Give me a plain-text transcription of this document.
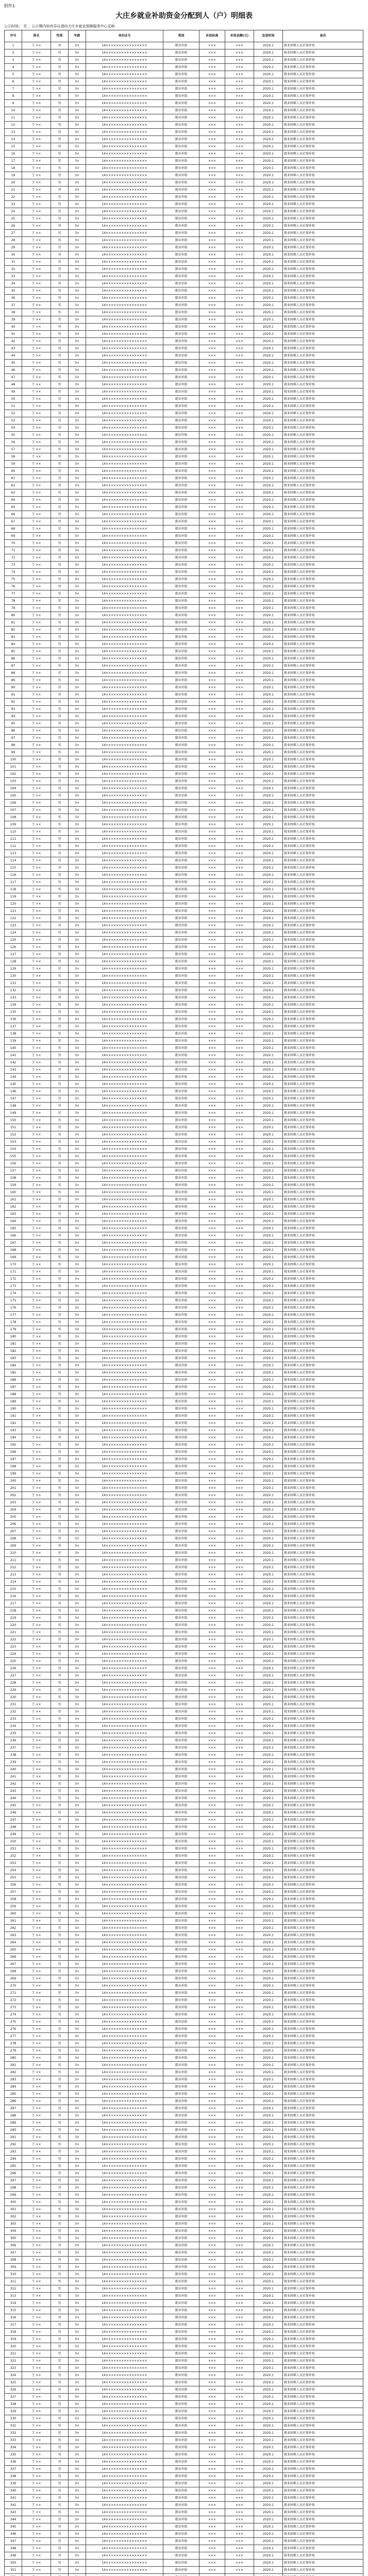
附件1
大庄乡就业补助资金分配到人（户）明细表
公示时间： 至 ，公示期内如有异议请向大庄乡就业保障服务中心反映
序号	姓名	性别	年龄	身份证号	类别	补助标准	补助金额(元)	发放时间	备注
1	王 ××	男	3×	14××××××××××××××××	就业补助	×××	×××	2020.1	就业困难人员社保补贴
2	王 ××	男	3×	14××××××××××××××××	就业补助	×××	×××	2020.1	就业困难人员社保补贴
3	王 ××	男	3×	14××××××××××××××××	就业补助	×××	×××	2020.1	就业困难人员社保补贴
4	王 ××	男	3×	14××××××××××××××××	就业补助	×××	×××	2020.1	就业困难人员社保补贴
5	王 ××	男	3×	14××××××××××××××××	就业补助	×××	×××	2020.1	就业困难人员社保补贴
6	王 ××	男	3×	14××××××××××××××××	就业补助	×××	×××	2020.1	就业困难人员社保补贴
7	王 ××	男	3×	14××××××××××××××××	就业补助	×××	×××	2020.1	就业困难人员社保补贴
8	王 ××	男	3×	14××××××××××××××××	就业补助	×××	×××	2020.1	就业困难人员社保补贴
9	王 ××	男	3×	14××××××××××××××××	就业补助	×××	×××	2020.1	就业困难人员社保补贴
10	王 ××	男	3×	14××××××××××××××××	就业补助	×××	×××	2020.1	就业困难人员社保补贴
11	王 ××	男	3×	14××××××××××××××××	就业补助	×××	×××	2020.1	就业困难人员社保补贴
12	王 ××	男	3×	14××××××××××××××××	就业补助	×××	×××	2020.1	就业困难人员社保补贴
13	王 ××	男	3×	14××××××××××××××××	就业补助	×××	×××	2020.1	就业困难人员社保补贴
14	王 ××	男	3×	14××××××××××××××××	就业补助	×××	×××	2020.1	就业困难人员社保补贴
15	王 ××	男	3×	14××××××××××××××××	就业补助	×××	×××	2020.1	就业困难人员社保补贴
16	王 ××	男	3×	14××××××××××××××××	就业补助	×××	×××	2020.1	就业困难人员社保补贴
17	王 ××	男	3×	14××××××××××××××××	就业补助	×××	×××	2020.1	就业困难人员社保补贴
18	王 ××	男	3×	14××××××××××××××××	就业补助	×××	×××	2020.1	就业困难人员社保补贴
19	王 ××	男	3×	14××××××××××××××××	就业补助	×××	×××	2020.1	就业困难人员社保补贴
20	王 ××	男	3×	14××××××××××××××××	就业补助	×××	×××	2020.1	就业困难人员社保补贴
21	王 ××	男	3×	14××××××××××××××××	就业补助	×××	×××	2020.1	就业困难人员社保补贴
22	王 ××	男	3×	14××××××××××××××××	就业补助	×××	×××	2020.1	就业困难人员社保补贴
23	王 ××	男	3×	14××××××××××××××××	就业补助	×××	×××	2020.1	就业困难人员社保补贴
24	王 ××	男	3×	14××××××××××××××××	就业补助	×××	×××	2020.1	就业困难人员社保补贴
25	王 ××	男	3×	14××××××××××××××××	就业补助	×××	×××	2020.1	就业困难人员社保补贴
26	王 ××	男	3×	14××××××××××××××××	就业补助	×××	×××	2020.1	就业困难人员社保补贴
27	王 ××	男	3×	14××××××××××××××××	就业补助	×××	×××	2020.1	就业困难人员社保补贴
28	王 ××	男	3×	14××××××××××××××××	就业补助	×××	×××	2020.1	就业困难人员社保补贴
29	王 ××	男	3×	14××××××××××××××××	就业补助	×××	×××	2020.1	就业困难人员社保补贴
30	王 ××	男	3×	14××××××××××××××××	就业补助	×××	×××	2020.1	就业困难人员社保补贴
31	王 ××	男	3×	14××××××××××××××××	就业补助	×××	×××	2020.1	就业困难人员社保补贴
32	王 ××	男	3×	14××××××××××××××××	就业补助	×××	×××	2020.1	就业困难人员社保补贴
33	王 ××	男	3×	14××××××××××××××××	就业补助	×××	×××	2020.1	就业困难人员社保补贴
34	王 ××	男	3×	14××××××××××××××××	就业补助	×××	×××	2020.1	就业困难人员社保补贴
35	王 ××	男	3×	14××××××××××××××××	就业补助	×××	×××	2020.1	就业困难人员社保补贴
36	王 ××	男	3×	14××××××××××××××××	就业补助	×××	×××	2020.1	就业困难人员社保补贴
37	王 ××	男	3×	14××××××××××××××××	就业补助	×××	×××	2020.1	就业困难人员社保补贴
38	王 ××	男	3×	14××××××××××××××××	就业补助	×××	×××	2020.1	就业困难人员社保补贴
39	王 ××	男	3×	14××××××××××××××××	就业补助	×××	×××	2020.1	就业困难人员社保补贴
40	王 ××	男	3×	14××××××××××××××××	就业补助	×××	×××	2020.1	就业困难人员社保补贴
41	王 ××	男	3×	14××××××××××××××××	就业补助	×××	×××	2020.1	就业困难人员社保补贴
42	王 ××	男	3×	14××××××××××××××××	就业补助	×××	×××	2020.1	就业困难人员社保补贴
43	王 ××	男	3×	14××××××××××××××××	就业补助	×××	×××	2020.1	就业困难人员社保补贴
44	王 ××	男	3×	14××××××××××××××××	就业补助	×××	×××	2020.1	就业困难人员社保补贴
45	王 ××	男	3×	14××××××××××××××××	就业补助	×××	×××	2020.1	就业困难人员社保补贴
46	王 ××	男	3×	14××××××××××××××××	就业补助	×××	×××	2020.1	就业困难人员社保补贴
47	王 ××	男	3×	14××××××××××××××××	就业补助	×××	×××	2020.1	就业困难人员社保补贴
48	王 ××	男	3×	14××××××××××××××××	就业补助	×××	×××	2020.1	就业困难人员社保补贴
49	王 ××	男	3×	14××××××××××××××××	就业补助	×××	×××	2020.1	就业困难人员社保补贴
50	王 ××	男	3×	14××××××××××××××××	就业补助	×××	×××	2020.1	就业困难人员社保补贴
51	王 ××	男	3×	14××××××××××××××××	就业补助	×××	×××	2020.1	就业困难人员社保补贴
52	王 ××	男	3×	14××××××××××××××××	就业补助	×××	×××	2020.1	就业困难人员社保补贴
53	王 ××	男	3×	14××××××××××××××××	就业补助	×××	×××	2020.1	就业困难人员社保补贴
54	王 ××	男	3×	14××××××××××××××××	就业补助	×××	×××	2020.1	就业困难人员社保补贴
55	王 ××	男	3×	14××××××××××××××××	就业补助	×××	×××	2020.1	就业困难人员社保补贴
56	王 ××	男	3×	14××××××××××××××××	就业补助	×××	×××	2020.1	就业困难人员社保补贴
57	王 ××	男	3×	14××××××××××××××××	就业补助	×××	×××	2020.1	就业困难人员社保补贴
58	王 ××	男	3×	14××××××××××××××××	就业补助	×××	×××	2020.1	就业困难人员社保补贴
59	王 ××	男	3×	14××××××××××××××××	就业补助	×××	×××	2020.1	就业困难人员社保补贴
60	王 ××	男	3×	14××××××××××××××××	就业补助	×××	×××	2020.1	就业困难人员社保补贴
61	王 ××	男	3×	14××××××××××××××××	就业补助	×××	×××	2020.1	就业困难人员社保补贴
62	王 ××	男	3×	14××××××××××××××××	就业补助	×××	×××	2020.1	就业困难人员社保补贴
63	王 ××	男	3×	14××××××××××××××××	就业补助	×××	×××	2020.1	就业困难人员社保补贴
64	王 ××	男	3×	14××××××××××××××××	就业补助	×××	×××	2020.1	就业困难人员社保补贴
65	王 ××	男	3×	14××××××××××××××××	就业补助	×××	×××	2020.1	就业困难人员社保补贴
66	王 ××	男	3×	14××××××××××××××××	就业补助	×××	×××	2020.1	就业困难人员社保补贴
67	王 ××	男	3×	14××××××××××××××××	就业补助	×××	×××	2020.1	就业困难人员社保补贴
68	王 ××	男	3×	14××××××××××××××××	就业补助	×××	×××	2020.1	就业困难人员社保补贴
69	王 ××	男	3×	14××××××××××××××××	就业补助	×××	×××	2020.1	就业困难人员社保补贴
70	王 ××	男	3×	14××××××××××××××××	就业补助	×××	×××	2020.1	就业困难人员社保补贴
71	王 ××	男	3×	14××××××××××××××××	就业补助	×××	×××	2020.1	就业困难人员社保补贴
72	王 ××	男	3×	14××××××××××××××××	就业补助	×××	×××	2020.1	就业困难人员社保补贴
73	王 ××	男	3×	14××××××××××××××××	就业补助	×××	×××	2020.1	就业困难人员社保补贴
74	王 ××	男	3×	14××××××××××××××××	就业补助	×××	×××	2020.1	就业困难人员社保补贴
75	王 ××	男	3×	14××××××××××××××××	就业补助	×××	×××	2020.1	就业困难人员社保补贴
76	王 ××	男	3×	14××××××××××××××××	就业补助	×××	×××	2020.1	就业困难人员社保补贴
77	王 ××	男	3×	14××××××××××××××××	就业补助	×××	×××	2020.1	就业困难人员社保补贴
78	王 ××	男	3×	14××××××××××××××××	就业补助	×××	×××	2020.1	就业困难人员社保补贴
79	王 ××	男	3×	14××××××××××××××××	就业补助	×××	×××	2020.1	就业困难人员社保补贴
80	王 ××	男	3×	14××××××××××××××××	就业补助	×××	×××	2020.1	就业困难人员社保补贴
81	王 ××	男	3×	14××××××××××××××××	就业补助	×××	×××	2020.1	就业困难人员社保补贴
82	王 ××	男	3×	14××××××××××××××××	就业补助	×××	×××	2020.1	就业困难人员社保补贴
83	王 ××	男	3×	14××××××××××××××××	就业补助	×××	×××	2020.1	就业困难人员社保补贴
84	王 ××	男	3×	14××××××××××××××××	就业补助	×××	×××	2020.1	就业困难人员社保补贴
85	王 ××	男	3×	14××××××××××××××××	就业补助	×××	×××	2020.1	就业困难人员社保补贴
86	王 ××	男	3×	14××××××××××××××××	就业补助	×××	×××	2020.1	就业困难人员社保补贴
87	王 ××	男	3×	14××××××××××××××××	就业补助	×××	×××	2020.1	就业困难人员社保补贴
88	王 ××	男	3×	14××××××××××××××××	就业补助	×××	×××	2020.1	就业困难人员社保补贴
89	王 ××	男	3×	14××××××××××××××××	就业补助	×××	×××	2020.1	就业困难人员社保补贴
90	王 ××	男	3×	14××××××××××××××××	就业补助	×××	×××	2020.1	就业困难人员社保补贴
91	王 ××	男	3×	14××××××××××××××××	就业补助	×××	×××	2020.1	就业困难人员社保补贴
92	王 ××	男	3×	14××××××××××××××××	就业补助	×××	×××	2020.1	就业困难人员社保补贴
93	王 ××	男	3×	14××××××××××××××××	就业补助	×××	×××	2020.1	就业困难人员社保补贴
94	王 ××	男	3×	14××××××××××××××××	就业补助	×××	×××	2020.1	就业困难人员社保补贴
95	王 ××	男	3×	14××××××××××××××××	就业补助	×××	×××	2020.1	就业困难人员社保补贴
96	王 ××	男	3×	14××××××××××××××××	就业补助	×××	×××	2020.1	就业困难人员社保补贴
97	王 ××	男	3×	14××××××××××××××××	就业补助	×××	×××	2020.1	就业困难人员社保补贴
98	王 ××	男	3×	14××××××××××××××××	就业补助	×××	×××	2020.1	就业困难人员社保补贴
99	王 ××	男	3×	14××××××××××××××××	就业补助	×××	×××	2020.1	就业困难人员社保补贴
100	王 ××	男	3×	14××××××××××××××××	就业补助	×××	×××	2020.1	就业困难人员社保补贴
101	王 ××	男	3×	14××××××××××××××××	就业补助	×××	×××	2020.1	就业困难人员社保补贴
102	王 ××	男	3×	14××××××××××××××××	就业补助	×××	×××	2020.1	就业困难人员社保补贴
103	王 ××	男	3×	14××××××××××××××××	就业补助	×××	×××	2020.1	就业困难人员社保补贴
104	王 ××	男	3×	14××××××××××××××××	就业补助	×××	×××	2020.1	就业困难人员社保补贴
105	王 ××	男	3×	14××××××××××××××××	就业补助	×××	×××	2020.1	就业困难人员社保补贴
106	王 ××	男	3×	14××××××××××××××××	就业补助	×××	×××	2020.1	就业困难人员社保补贴
107	王 ××	男	3×	14××××××××××××××××	就业补助	×××	×××	2020.1	就业困难人员社保补贴
108	王 ××	男	3×	14××××××××××××××××	就业补助	×××	×××	2020.1	就业困难人员社保补贴
109	王 ××	男	3×	14××××××××××××××××	就业补助	×××	×××	2020.1	就业困难人员社保补贴
110	王 ××	男	3×	14××××××××××××××××	就业补助	×××	×××	2020.1	就业困难人员社保补贴
111	王 ××	男	3×	14××××××××××××××××	就业补助	×××	×××	2020.1	就业困难人员社保补贴
112	王 ××	男	3×	14××××××××××××××××	就业补助	×××	×××	2020.1	就业困难人员社保补贴
113	王 ××	男	3×	14××××××××××××××××	就业补助	×××	×××	2020.1	就业困难人员社保补贴
114	王 ××	男	3×	14××××××××××××××××	就业补助	×××	×××	2020.1	就业困难人员社保补贴
115	王 ××	男	3×	14××××××××××××××××	就业补助	×××	×××	2020.1	就业困难人员社保补贴
116	王 ××	男	3×	14××××××××××××××××	就业补助	×××	×××	2020.1	就业困难人员社保补贴
117	王 ××	男	3×	14××××××××××××××××	就业补助	×××	×××	2020.1	就业困难人员社保补贴
118	王 ××	男	3×	14××××××××××××××××	就业补助	×××	×××	2020.1	就业困难人员社保补贴
119	王 ××	男	3×	14××××××××××××××××	就业补助	×××	×××	2020.1	就业困难人员社保补贴
120	王 ××	男	3×	14××××××××××××××××	就业补助	×××	×××	2020.1	就业困难人员社保补贴
121	王 ××	男	3×	14××××××××××××××××	就业补助	×××	×××	2020.1	就业困难人员社保补贴
122	王 ××	男	3×	14××××××××××××××××	就业补助	×××	×××	2020.1	就业困难人员社保补贴
123	王 ××	男	3×	14××××××××××××××××	就业补助	×××	×××	2020.1	就业困难人员社保补贴
124	王 ××	男	3×	14××××××××××××××××	就业补助	×××	×××	2020.1	就业困难人员社保补贴
125	王 ××	男	3×	14××××××××××××××××	就业补助	×××	×××	2020.1	就业困难人员社保补贴
126	王 ××	男	3×	14××××××××××××××××	就业补助	×××	×××	2020.1	就业困难人员社保补贴
127	王 ××	男	3×	14××××××××××××××××	就业补助	×××	×××	2020.1	就业困难人员社保补贴
128	王 ××	男	3×	14××××××××××××××××	就业补助	×××	×××	2020.1	就业困难人员社保补贴
129	王 ××	男	3×	14××××××××××××××××	就业补助	×××	×××	2020.1	就业困难人员社保补贴
130	王 ××	男	3×	14××××××××××××××××	就业补助	×××	×××	2020.1	就业困难人员社保补贴
131	王 ××	男	3×	14××××××××××××××××	就业补助	×××	×××	2020.1	就业困难人员社保补贴
132	王 ××	男	3×	14××××××××××××××××	就业补助	×××	×××	2020.1	就业困难人员社保补贴
133	王 ××	男	3×	14××××××××××××××××	就业补助	×××	×××	2020.1	就业困难人员社保补贴
134	王 ××	男	3×	14××××××××××××××××	就业补助	×××	×××	2020.1	就业困难人员社保补贴
135	王 ××	男	3×	14××××××××××××××××	就业补助	×××	×××	2020.1	就业困难人员社保补贴
136	王 ××	男	3×	14××××××××××××××××	就业补助	×××	×××	2020.1	就业困难人员社保补贴
137	王 ××	男	3×	14××××××××××××××××	就业补助	×××	×××	2020.1	就业困难人员社保补贴
138	王 ××	男	3×	14××××××××××××××××	就业补助	×××	×××	2020.1	就业困难人员社保补贴
139	王 ××	男	3×	14××××××××××××××××	就业补助	×××	×××	2020.1	就业困难人员社保补贴
140	王 ××	男	3×	14××××××××××××××××	就业补助	×××	×××	2020.1	就业困难人员社保补贴
141	王 ××	男	3×	14××××××××××××××××	就业补助	×××	×××	2020.1	就业困难人员社保补贴
142	王 ××	男	3×	14××××××××××××××××	就业补助	×××	×××	2020.1	就业困难人员社保补贴
143	王 ××	男	3×	14××××××××××××××××	就业补助	×××	×××	2020.1	就业困难人员社保补贴
144	王 ××	男	3×	14××××××××××××××××	就业补助	×××	×××	2020.1	就业困难人员社保补贴
145	王 ××	男	3×	14××××××××××××××××	就业补助	×××	×××	2020.1	就业困难人员社保补贴
146	王 ××	男	3×	14××××××××××××××××	就业补助	×××	×××	2020.1	就业困难人员社保补贴
147	王 ××	男	3×	14××××××××××××××××	就业补助	×××	×××	2020.1	就业困难人员社保补贴
148	王 ××	男	3×	14××××××××××××××××	就业补助	×××	×××	2020.1	就业困难人员社保补贴
149	王 ××	男	3×	14××××××××××××××××	就业补助	×××	×××	2020.1	就业困难人员社保补贴
150	王 ××	男	3×	14××××××××××××××××	就业补助	×××	×××	2020.1	就业困难人员社保补贴
151	王 ××	男	3×	14××××××××××××××××	就业补助	×××	×××	2020.1	就业困难人员社保补贴
152	王 ××	男	3×	14××××××××××××××××	就业补助	×××	×××	2020.1	就业困难人员社保补贴
153	王 ××	男	3×	14××××××××××××××××	就业补助	×××	×××	2020.1	就业困难人员社保补贴
154	王 ××	男	3×	14××××××××××××××××	就业补助	×××	×××	2020.1	就业困难人员社保补贴
155	王 ××	男	3×	14××××××××××××××××	就业补助	×××	×××	2020.1	就业困难人员社保补贴
156	王 ××	男	3×	14××××××××××××××××	就业补助	×××	×××	2020.1	就业困难人员社保补贴
157	王 ××	男	3×	14××××××××××××××××	就业补助	×××	×××	2020.1	就业困难人员社保补贴
158	王 ××	男	3×	14××××××××××××××××	就业补助	×××	×××	2020.1	就业困难人员社保补贴
159	王 ××	男	3×	14××××××××××××××××	就业补助	×××	×××	2020.1	就业困难人员社保补贴
160	王 ××	男	3×	14××××××××××××××××	就业补助	×××	×××	2020.1	就业困难人员社保补贴
161	王 ××	男	3×	14××××××××××××××××	就业补助	×××	×××	2020.1	就业困难人员社保补贴
162	王 ××	男	3×	14××××××××××××××××	就业补助	×××	×××	2020.1	就业困难人员社保补贴
163	王 ××	男	3×	14××××××××××××××××	就业补助	×××	×××	2020.1	就业困难人员社保补贴
164	王 ××	男	3×	14××××××××××××××××	就业补助	×××	×××	2020.1	就业困难人员社保补贴
165	王 ××	男	3×	14××××××××××××××××	就业补助	×××	×××	2020.1	就业困难人员社保补贴
166	王 ××	男	3×	14××××××××××××××××	就业补助	×××	×××	2020.1	就业困难人员社保补贴
167	王 ××	男	3×	14××××××××××××××××	就业补助	×××	×××	2020.1	就业困难人员社保补贴
168	王 ××	男	3×	14××××××××××××××××	就业补助	×××	×××	2020.1	就业困难人员社保补贴
169	王 ××	男	3×	14××××××××××××××××	就业补助	×××	×××	2020.1	就业困难人员社保补贴
170	王 ××	男	3×	14××××××××××××××××	就业补助	×××	×××	2020.1	就业困难人员社保补贴
171	王 ××	男	3×	14××××××××××××××××	就业补助	×××	×××	2020.1	就业困难人员社保补贴
172	王 ××	男	3×	14××××××××××××××××	就业补助	×××	×××	2020.1	就业困难人员社保补贴
173	王 ××	男	3×	14××××××××××××××××	就业补助	×××	×××	2020.1	就业困难人员社保补贴
174	王 ××	男	3×	14××××××××××××××××	就业补助	×××	×××	2020.1	就业困难人员社保补贴
175	王 ××	男	3×	14××××××××××××××××	就业补助	×××	×××	2020.1	就业困难人员社保补贴
176	王 ××	男	3×	14××××××××××××××××	就业补助	×××	×××	2020.1	就业困难人员社保补贴
177	王 ××	男	3×	14××××××××××××××××	就业补助	×××	×××	2020.1	就业困难人员社保补贴
178	王 ××	男	3×	14××××××××××××××××	就业补助	×××	×××	2020.1	就业困难人员社保补贴
179	王 ××	男	3×	14××××××××××××××××	就业补助	×××	×××	2020.1	就业困难人员社保补贴
180	王 ××	男	3×	14××××××××××××××××	就业补助	×××	×××	2020.1	就业困难人员社保补贴
181	王 ××	男	3×	14××××××××××××××××	就业补助	×××	×××	2020.1	就业困难人员社保补贴
182	王 ××	男	3×	14××××××××××××××××	就业补助	×××	×××	2020.1	就业困难人员社保补贴
183	王 ××	男	3×	14××××××××××××××××	就业补助	×××	×××	2020.1	就业困难人员社保补贴
184	王 ××	男	3×	14××××××××××××××××	就业补助	×××	×××	2020.1	就业困难人员社保补贴
185	王 ××	男	3×	14××××××××××××××××	就业补助	×××	×××	2020.1	就业困难人员社保补贴
186	王 ××	男	3×	14××××××××××××××××	就业补助	×××	×××	2020.1	就业困难人员社保补贴
187	王 ××	男	3×	14××××××××××××××××	就业补助	×××	×××	2020.1	就业困难人员社保补贴
188	王 ××	男	3×	14××××××××××××××××	就业补助	×××	×××	2020.1	就业困难人员社保补贴
189	王 ××	男	3×	14××××××××××××××××	就业补助	×××	×××	2020.1	就业困难人员社保补贴
190	王 ××	男	3×	14××××××××××××××××	就业补助	×××	×××	2020.1	就业困难人员社保补贴
191	王 ××	男	3×	14××××××××××××××××	就业补助	×××	×××	2020.1	就业困难人员社保补贴
192	王 ××	男	3×	14××××××××××××××××	就业补助	×××	×××	2020.1	就业困难人员社保补贴
193	王 ××	男	3×	14××××××××××××××××	就业补助	×××	×××	2020.1	就业困难人员社保补贴
194	王 ××	男	3×	14××××××××××××××××	就业补助	×××	×××	2020.1	就业困难人员社保补贴
195	王 ××	男	3×	14××××××××××××××××	就业补助	×××	×××	2020.1	就业困难人员社保补贴
196	王 ××	男	3×	14××××××××××××××××	就业补助	×××	×××	2020.1	就业困难人员社保补贴
197	王 ××	男	3×	14××××××××××××××××	就业补助	×××	×××	2020.1	就业困难人员社保补贴
198	王 ××	男	3×	14××××××××××××××××	就业补助	×××	×××	2020.1	就业困难人员社保补贴
199	王 ××	男	3×	14××××××××××××××××	就业补助	×××	×××	2020.1	就业困难人员社保补贴
200	王 ××	男	3×	14××××××××××××××××	就业补助	×××	×××	2020.1	就业困难人员社保补贴
201	王 ××	男	3×	14××××××××××××××××	就业补助	×××	×××	2020.1	就业困难人员社保补贴
202	王 ××	男	3×	14××××××××××××××××	就业补助	×××	×××	2020.1	就业困难人员社保补贴
203	王 ××	男	3×	14××××××××××××××××	就业补助	×××	×××	2020.1	就业困难人员社保补贴
204	王 ××	男	3×	14××××××××××××××××	就业补助	×××	×××	2020.1	就业困难人员社保补贴
205	王 ××	男	3×	14××××××××××××××××	就业补助	×××	×××	2020.1	就业困难人员社保补贴
206	王 ××	男	3×	14××××××××××××××××	就业补助	×××	×××	2020.1	就业困难人员社保补贴
207	王 ××	男	3×	14××××××××××××××××	就业补助	×××	×××	2020.1	就业困难人员社保补贴
208	王 ××	男	3×	14××××××××××××××××	就业补助	×××	×××	2020.1	就业困难人员社保补贴
209	王 ××	男	3×	14××××××××××××××××	就业补助	×××	×××	2020.1	就业困难人员社保补贴
210	王 ××	男	3×	14××××××××××××××××	就业补助	×××	×××	2020.1	就业困难人员社保补贴
211	王 ××	男	3×	14××××××××××××××××	就业补助	×××	×××	2020.1	就业困难人员社保补贴
212	王 ××	男	3×	14××××××××××××××××	就业补助	×××	×××	2020.1	就业困难人员社保补贴
213	王 ××	男	3×	14××××××××××××××××	就业补助	×××	×××	2020.1	就业困难人员社保补贴
214	王 ××	男	3×	14××××××××××××××××	就业补助	×××	×××	2020.1	就业困难人员社保补贴
215	王 ××	男	3×	14××××××××××××××××	就业补助	×××	×××	2020.1	就业困难人员社保补贴
216	王 ××	男	3×	14××××××××××××××××	就业补助	×××	×××	2020.1	就业困难人员社保补贴
217	王 ××	男	3×	14××××××××××××××××	就业补助	×××	×××	2020.1	就业困难人员社保补贴
218	王 ××	男	3×	14××××××××××××××××	就业补助	×××	×××	2020.1	就业困难人员社保补贴
219	王 ××	男	3×	14××××××××××××××××	就业补助	×××	×××	2020.1	就业困难人员社保补贴
220	王 ××	男	3×	14××××××××××××××××	就业补助	×××	×××	2020.1	就业困难人员社保补贴
221	王 ××	男	3×	14××××××××××××××××	就业补助	×××	×××	2020.1	就业困难人员社保补贴
222	王 ××	男	3×	14××××××××××××××××	就业补助	×××	×××	2020.1	就业困难人员社保补贴
223	王 ××	男	3×	14××××××××××××××××	就业补助	×××	×××	2020.1	就业困难人员社保补贴
224	王 ××	男	3×	14××××××××××××××××	就业补助	×××	×××	2020.1	就业困难人员社保补贴
225	王 ××	男	3×	14××××××××××××××××	就业补助	×××	×××	2020.1	就业困难人员社保补贴
226	王 ××	男	3×	14××××××××××××××××	就业补助	×××	×××	2020.1	就业困难人员社保补贴
227	王 ××	男	3×	14××××××××××××××××	就业补助	×××	×××	2020.1	就业困难人员社保补贴
228	王 ××	男	3×	14××××××××××××××××	就业补助	×××	×××	2020.1	就业困难人员社保补贴
229	王 ××	男	3×	14××××××××××××××××	就业补助	×××	×××	2020.1	就业困难人员社保补贴
230	王 ××	男	3×	14××××××××××××××××	就业补助	×××	×××	2020.1	就业困难人员社保补贴
231	王 ××	男	3×	14××××××××××××××××	就业补助	×××	×××	2020.1	就业困难人员社保补贴
232	王 ××	男	3×	14××××××××××××××××	就业补助	×××	×××	2020.1	就业困难人员社保补贴
233	王 ××	男	3×	14××××××××××××××××	就业补助	×××	×××	2020.1	就业困难人员社保补贴
234	王 ××	男	3×	14××××××××××××××××	就业补助	×××	×××	2020.1	就业困难人员社保补贴
235	王 ××	男	3×	14××××××××××××××××	就业补助	×××	×××	2020.1	就业困难人员社保补贴
236	王 ××	男	3×	14××××××××××××××××	就业补助	×××	×××	2020.1	就业困难人员社保补贴
237	王 ××	男	3×	14××××××××××××××××	就业补助	×××	×××	2020.1	就业困难人员社保补贴
238	王 ××	男	3×	14××××××××××××××××	就业补助	×××	×××	2020.1	就业困难人员社保补贴
239	王 ××	男	3×	14××××××××××××××××	就业补助	×××	×××	2020.1	就业困难人员社保补贴
240	王 ××	男	3×	14××××××××××××××××	就业补助	×××	×××	2020.1	就业困难人员社保补贴
241	王 ××	男	3×	14××××××××××××××××	就业补助	×××	×××	2020.1	就业困难人员社保补贴
242	王 ××	男	3×	14××××××××××××××××	就业补助	×××	×××	2020.1	就业困难人员社保补贴
243	王 ××	男	3×	14××××××××××××××××	就业补助	×××	×××	2020.1	就业困难人员社保补贴
244	王 ××	男	3×	14××××××××××××××××	就业补助	×××	×××	2020.1	就业困难人员社保补贴
245	王 ××	男	3×	14××××××××××××××××	就业补助	×××	×××	2020.1	就业困难人员社保补贴
246	王 ××	男	3×	14××××××××××××××××	就业补助	×××	×××	2020.1	就业困难人员社保补贴
247	王 ××	男	3×	14××××××××××××××××	就业补助	×××	×××	2020.1	就业困难人员社保补贴
248	王 ××	男	3×	14××××××××××××××××	就业补助	×××	×××	2020.1	就业困难人员社保补贴
249	王 ××	男	3×	14××××××××××××××××	就业补助	×××	×××	2020.1	就业困难人员社保补贴
250	王 ××	男	3×	14××××××××××××××××	就业补助	×××	×××	2020.1	就业困难人员社保补贴
251	王 ××	男	3×	14××××××××××××××××	就业补助	×××	×××	2020.1	就业困难人员社保补贴
252	王 ××	男	3×	14××××××××××××××××	就业补助	×××	×××	2020.1	就业困难人员社保补贴
253	王 ××	男	3×	14××××××××××××××××	就业补助	×××	×××	2020.1	就业困难人员社保补贴
254	王 ××	男	3×	14××××××××××××××××	就业补助	×××	×××	2020.1	就业困难人员社保补贴
255	王 ××	男	3×	14××××××××××××××××	就业补助	×××	×××	2020.1	就业困难人员社保补贴
256	王 ××	男	3×	14××××××××××××××××	就业补助	×××	×××	2020.1	就业困难人员社保补贴
257	王 ××	男	3×	14××××××××××××××××	就业补助	×××	×××	2020.1	就业困难人员社保补贴
258	王 ××	男	3×	14××××××××××××××××	就业补助	×××	×××	2020.1	就业困难人员社保补贴
259	王 ××	男	3×	14××××××××××××××××	就业补助	×××	×××	2020.1	就业困难人员社保补贴
260	王 ××	男	3×	14××××××××××××××××	就业补助	×××	×××	2020.1	就业困难人员社保补贴
261	王 ××	男	3×	14××××××××××××××××	就业补助	×××	×××	2020.1	就业困难人员社保补贴
262	王 ××	男	3×	14××××××××××××××××	就业补助	×××	×××	2020.1	就业困难人员社保补贴
263	王 ××	男	3×	14××××××××××××××××	就业补助	×××	×××	2020.1	就业困难人员社保补贴
264	王 ××	男	3×	14××××××××××××××××	就业补助	×××	×××	2020.1	就业困难人员社保补贴
265	王 ××	男	3×	14××××××××××××××××	就业补助	×××	×××	2020.1	就业困难人员社保补贴
266	王 ××	男	3×	14××××××××××××××××	就业补助	×××	×××	2020.1	就业困难人员社保补贴
267	王 ××	男	3×	14××××××××××××××××	就业补助	×××	×××	2020.1	就业困难人员社保补贴
268	王 ××	男	3×	14××××××××××××××××	就业补助	×××	×××	2020.1	就业困难人员社保补贴
269	王 ××	男	3×	14××××××××××××××××	就业补助	×××	×××	2020.1	就业困难人员社保补贴
270	王 ××	男	3×	14××××××××××××××××	就业补助	×××	×××	2020.1	就业困难人员社保补贴
271	王 ××	男	3×	14××××××××××××××××	就业补助	×××	×××	2020.1	就业困难人员社保补贴
272	王 ××	男	3×	14××××××××××××××××	就业补助	×××	×××	2020.1	就业困难人员社保补贴
273	王 ××	男	3×	14××××××××××××××××	就业补助	×××	×××	2020.1	就业困难人员社保补贴
274	王 ××	男	3×	14××××××××××××××××	就业补助	×××	×××	2020.1	就业困难人员社保补贴
275	王 ××	男	3×	14××××××××××××××××	就业补助	×××	×××	2020.1	就业困难人员社保补贴
276	王 ××	男	3×	14××××××××××××××××	就业补助	×××	×××	2020.1	就业困难人员社保补贴
277	王 ××	男	3×	14××××××××××××××××	就业补助	×××	×××	2020.1	就业困难人员社保补贴
278	王 ××	男	3×	14××××××××××××××××	就业补助	×××	×××	2020.1	就业困难人员社保补贴
279	王 ××	男	3×	14××××××××××××××××	就业补助	×××	×××	2020.1	就业困难人员社保补贴
280	王 ××	男	3×	14××××××××××××××××	就业补助	×××	×××	2020.1	就业困难人员社保补贴
281	王 ××	男	3×	14××××××××××××××××	就业补助	×××	×××	2020.1	就业困难人员社保补贴
282	王 ××	男	3×	14××××××××××××××××	就业补助	×××	×××	2020.1	就业困难人员社保补贴
283	王 ××	男	3×	14××××××××××××××××	就业补助	×××	×××	2020.1	就业困难人员社保补贴
284	王 ××	男	3×	14××××××××××××××××	就业补助	×××	×××	2020.1	就业困难人员社保补贴
285	王 ××	男	3×	14××××××××××××××××	就业补助	×××	×××	2020.1	就业困难人员社保补贴
286	王 ××	男	3×	14××××××××××××××××	就业补助	×××	×××	2020.1	就业困难人员社保补贴
287	王 ××	男	3×	14××××××××××××××××	就业补助	×××	×××	2020.1	就业困难人员社保补贴
288	王 ××	男	3×	14××××××××××××××××	就业补助	×××	×××	2020.1	就业困难人员社保补贴
289	王 ××	男	3×	14××××××××××××××××	就业补助	×××	×××	2020.1	就业困难人员社保补贴
290	王 ××	男	3×	14××××××××××××××××	就业补助	×××	×××	2020.1	就业困难人员社保补贴
291	王 ××	男	3×	14××××××××××××××××	就业补助	×××	×××	2020.1	就业困难人员社保补贴
292	王 ××	男	3×	14××××××××××××××××	就业补助	×××	×××	2020.1	就业困难人员社保补贴
293	王 ××	男	3×	14××××××××××××××××	就业补助	×××	×××	2020.1	就业困难人员社保补贴
294	王 ××	男	3×	14××××××××××××××××	就业补助	×××	×××	2020.1	就业困难人员社保补贴
295	王 ××	男	3×	14××××××××××××××××	就业补助	×××	×××	2020.1	就业困难人员社保补贴
296	王 ××	男	3×	14××××××××××××××××	就业补助	×××	×××	2020.1	就业困难人员社保补贴
297	王 ××	男	3×	14××××××××××××××××	就业补助	×××	×××	2020.1	就业困难人员社保补贴
298	王 ××	男	3×	14××××××××××××××××	就业补助	×××	×××	2020.1	就业困难人员社保补贴
299	王 ××	男	3×	14××××××××××××××××	就业补助	×××	×××	2020.1	就业困难人员社保补贴
300	王 ××	男	3×	14××××××××××××××××	就业补助	×××	×××	2020.1	就业困难人员社保补贴
301	王 ××	男	3×	14××××××××××××××××	就业补助	×××	×××	2020.1	就业困难人员社保补贴
302	王 ××	男	3×	14××××××××××××××××	就业补助	×××	×××	2020.1	就业困难人员社保补贴
303	王 ××	男	3×	14××××××××××××××××	就业补助	×××	×××	2020.1	就业困难人员社保补贴
304	王 ××	男	3×	14××××××××××××××××	就业补助	×××	×××	2020.1	就业困难人员社保补贴
305	王 ××	男	3×	14××××××××××××××××	就业补助	×××	×××	2020.1	就业困难人员社保补贴
306	王 ××	男	3×	14××××××××××××××××	就业补助	×××	×××	2020.1	就业困难人员社保补贴
307	王 ××	男	3×	14××××××××××××××××	就业补助	×××	×××	2020.1	就业困难人员社保补贴
308	王 ××	男	3×	14××××××××××××××××	就业补助	×××	×××	2020.1	就业困难人员社保补贴
309	王 ××	男	3×	14××××××××××××××××	就业补助	×××	×××	2020.1	就业困难人员社保补贴
310	王 ××	男	3×	14××××××××××××××××	就业补助	×××	×××	2020.1	就业困难人员社保补贴
311	王 ××	男	3×	14××××××××××××××××	就业补助	×××	×××	2020.1	就业困难人员社保补贴
312	王 ××	男	3×	14××××××××××××××××	就业补助	×××	×××	2020.1	就业困难人员社保补贴
313	王 ××	男	3×	14××××××××××××××××	就业补助	×××	×××	2020.1	就业困难人员社保补贴
314	王 ××	男	3×	14××××××××××××××××	就业补助	×××	×××	2020.1	就业困难人员社保补贴
315	王 ××	男	3×	14××××××××××××××××	就业补助	×××	×××	2020.1	就业困难人员社保补贴
316	王 ××	男	3×	14××××××××××××××××	就业补助	×××	×××	2020.1	就业困难人员社保补贴
317	王 ××	男	3×	14××××××××××××××××	就业补助	×××	×××	2020.1	就业困难人员社保补贴
318	王 ××	男	3×	14××××××××××××××××	就业补助	×××	×××	2020.1	就业困难人员社保补贴
319	王 ××	男	3×	14××××××××××××××××	就业补助	×××	×××	2020.1	就业困难人员社保补贴
320	王 ××	男	3×	14××××××××××××××××	就业补助	×××	×××	2020.1	就业困难人员社保补贴
321	王 ××	男	3×	14××××××××××××××××	就业补助	×××	×××	2020.1	就业困难人员社保补贴
322	王 ××	男	3×	14××××××××××××××××	就业补助	×××	×××	2020.1	就业困难人员社保补贴
323	王 ××	男	3×	14××××××××××××××××	就业补助	×××	×××	2020.1	就业困难人员社保补贴
324	王 ××	男	3×	14××××××××××××××××	就业补助	×××	×××	2020.1	就业困难人员社保补贴
325	王 ××	男	3×	14××××××××××××××××	就业补助	×××	×××	2020.1	就业困难人员社保补贴
326	王 ××	男	3×	14××××××××××××××××	就业补助	×××	×××	2020.1	就业困难人员社保补贴
327	王 ××	男	3×	14××××××××××××××××	就业补助	×××	×××	2020.1	就业困难人员社保补贴
328	王 ××	男	3×	14××××××××××××××××	就业补助	×××	×××	2020.1	就业困难人员社保补贴
329	王 ××	男	3×	14××××××××××××××××	就业补助	×××	×××	2020.1	就业困难人员社保补贴
330	王 ××	男	3×	14××××××××××××××××	就业补助	×××	×××	2020.1	就业困难人员社保补贴
331	王 ××	男	3×	14××××××××××××××××	就业补助	×××	×××	2020.1	就业困难人员社保补贴
332	王 ××	男	3×	14××××××××××××××××	就业补助	×××	×××	2020.1	就业困难人员社保补贴
333	王 ××	男	3×	14××××××××××××××××	就业补助	×××	×××	2020.1	就业困难人员社保补贴
334	王 ××	男	3×	14××××××××××××××××	就业补助	×××	×××	2020.1	就业困难人员社保补贴
335	王 ××	男	3×	14××××××××××××××××	就业补助	×××	×××	2020.1	就业困难人员社保补贴
336	王 ××	男	3×	14××××××××××××××××	就业补助	×××	×××	2020.1	就业困难人员社保补贴
337	王 ××	男	3×	14××××××××××××××××	就业补助	×××	×××	2020.1	就业困难人员社保补贴
338	王 ××	男	3×	14××××××××××××××××	就业补助	×××	×××	2020.1	就业困难人员社保补贴
339	王 ××	男	3×	14××××××××××××××××	就业补助	×××	×××	2020.1	就业困难人员社保补贴
340	王 ××	男	3×	14××××××××××××××××	就业补助	×××	×××	2020.1	就业困难人员社保补贴
341	王 ××	男	3×	14××××××××××××××××	就业补助	×××	×××	2020.1	就业困难人员社保补贴
342	王 ××	男	3×	14××××××××××××××××	就业补助	×××	×××	2020.1	就业困难人员社保补贴
343	王 ××	男	3×	14××××××××××××××××	就业补助	×××	×××	2020.1	就业困难人员社保补贴
344	王 ××	男	3×	14××××××××××××××××	就业补助	×××	×××	2020.1	就业困难人员社保补贴
345	王 ××	男	3×	14××××××××××××××××	就业补助	×××	×××	2020.1	就业困难人员社保补贴
346	王 ××	男	3×	14××××××××××××××××	就业补助	×××	×××	2020.1	就业困难人员社保补贴
347	王 ××	男	3×	14××××××××××××××××	就业补助	×××	×××	2020.1	就业困难人员社保补贴
348	王 ××	男	3×	14××××××××××××××××	就业补助	×××	×××	2020.1	就业困难人员社保补贴
349	王 ××	男	3×	14××××××××××××××××	就业补助	×××	×××	2020.1	就业困难人员社保补贴
350	王 ××	男	3×	14××××××××××××××××	就业补助	×××	×××	2020.1	就业困难人员社保补贴
351	王 ××	男	3×	14××××××××××××××××	就业补助	×××	×××	2020.1	就业困难人员社保补贴
